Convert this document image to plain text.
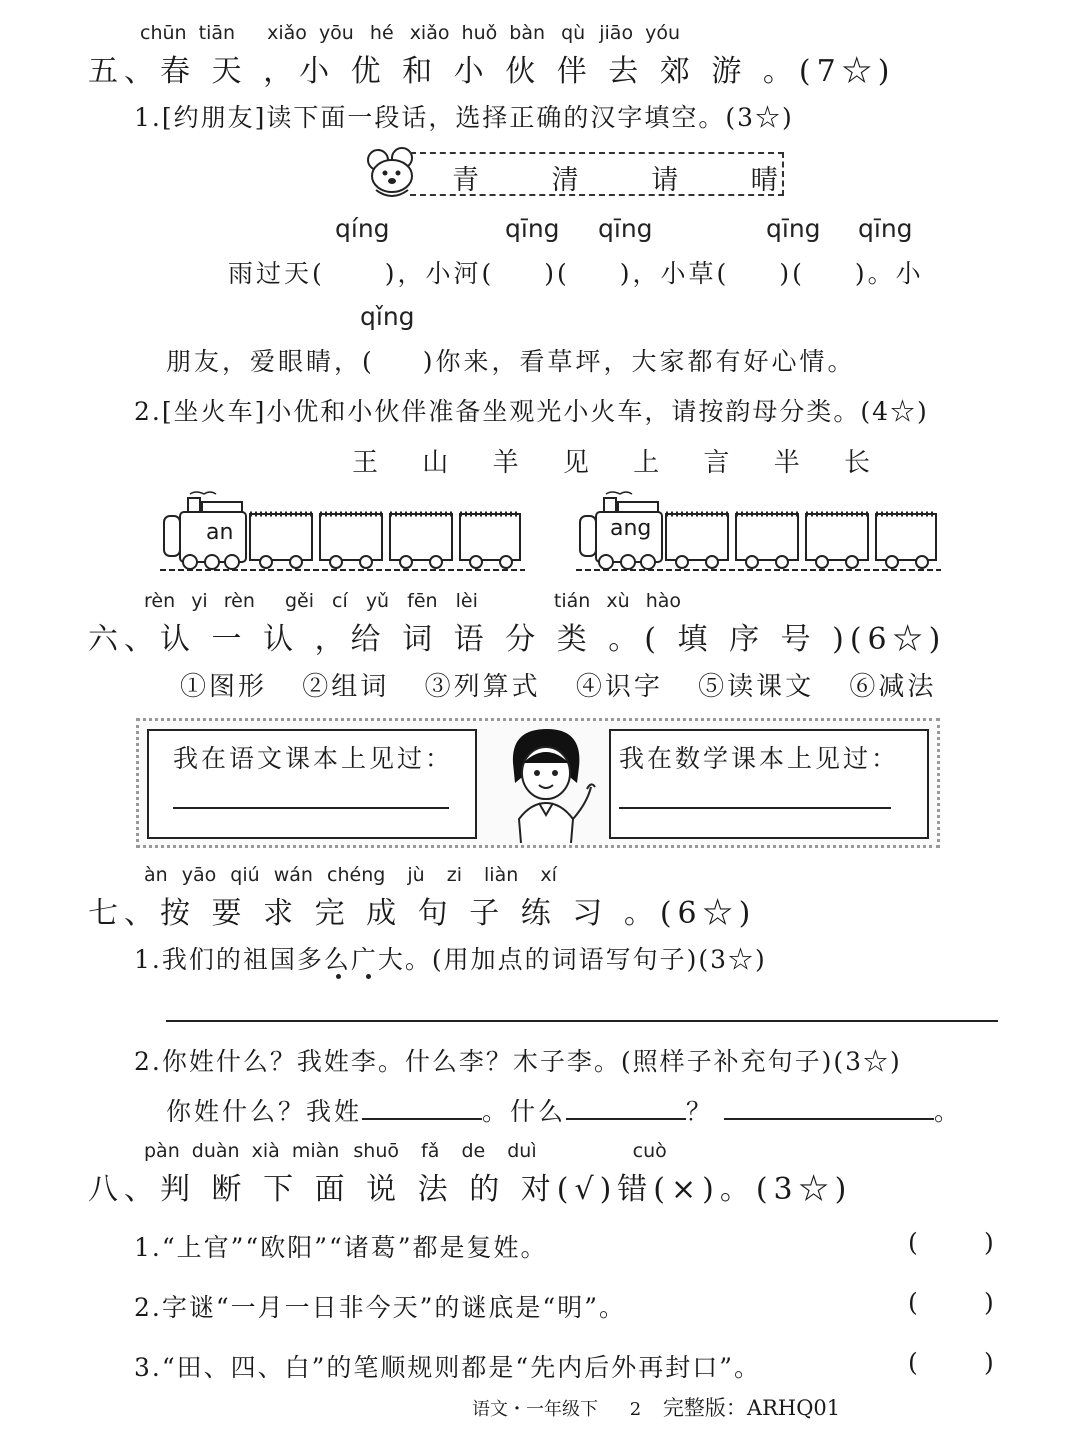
chūn tiān xiǎo yōu hé xiǎo huǒ bàn qù jiāo yóu
五、春 天 ，小 优 和 小 伙 伴 去 郊 游 。(7☆)
1.[约朋友]读下面一段话，选择正确的汉字填空。(3☆)
青	清	请	晴
qíng	qīng qīng	qīng qīng
雨过天( )，小河( )( )，小草( )( )。小
qǐng
朋友，爱眼睛，( )你来，看草坪，大家都有好心情。
2.[坐火车]小优和小伙伴准备坐观光小火车，请按韵母分类。(4☆)
王 山 羊 见 上 言 半 长
an	ang
rèn yi rèn gěi cí yǔ fēn lèi	tián xù hào
六、认 一 认 ，给 词 语 分 类 。( 填 序 号 )(6☆)
①图形 ②组词 ③列算式 ④识字 ⑤读课文 ⑥减法
我在语文课本上见过：	我在数学课本上见过：
àn yāo qiú wán chéng jù zi liàn xí
七、按 要 求 完 成 句 子 练 习 。(6☆)
1.我们的祖国多么广大。(用加点的词语写句子)(3☆)
2.你姓什么？我姓李。什么李？木子李。(照样子补充句子)(3☆)
你姓什么？我姓	。什么	？	。
pàn duàn xià miàn shuō fǎ de duì	cuò
八、判 断 下 面 说 法 的 对(√)错(×)。(3☆)
1.“上官”“欧阳”“诸葛”都是复姓。	(	)
2.字谜“一月一日非今天”的谜底是“明”。	(	)
3.“田、四、白”的笔顺规则都是“先内后外再封口”。	(	)
语文・一年级下 2 完整版：ARHQ01
